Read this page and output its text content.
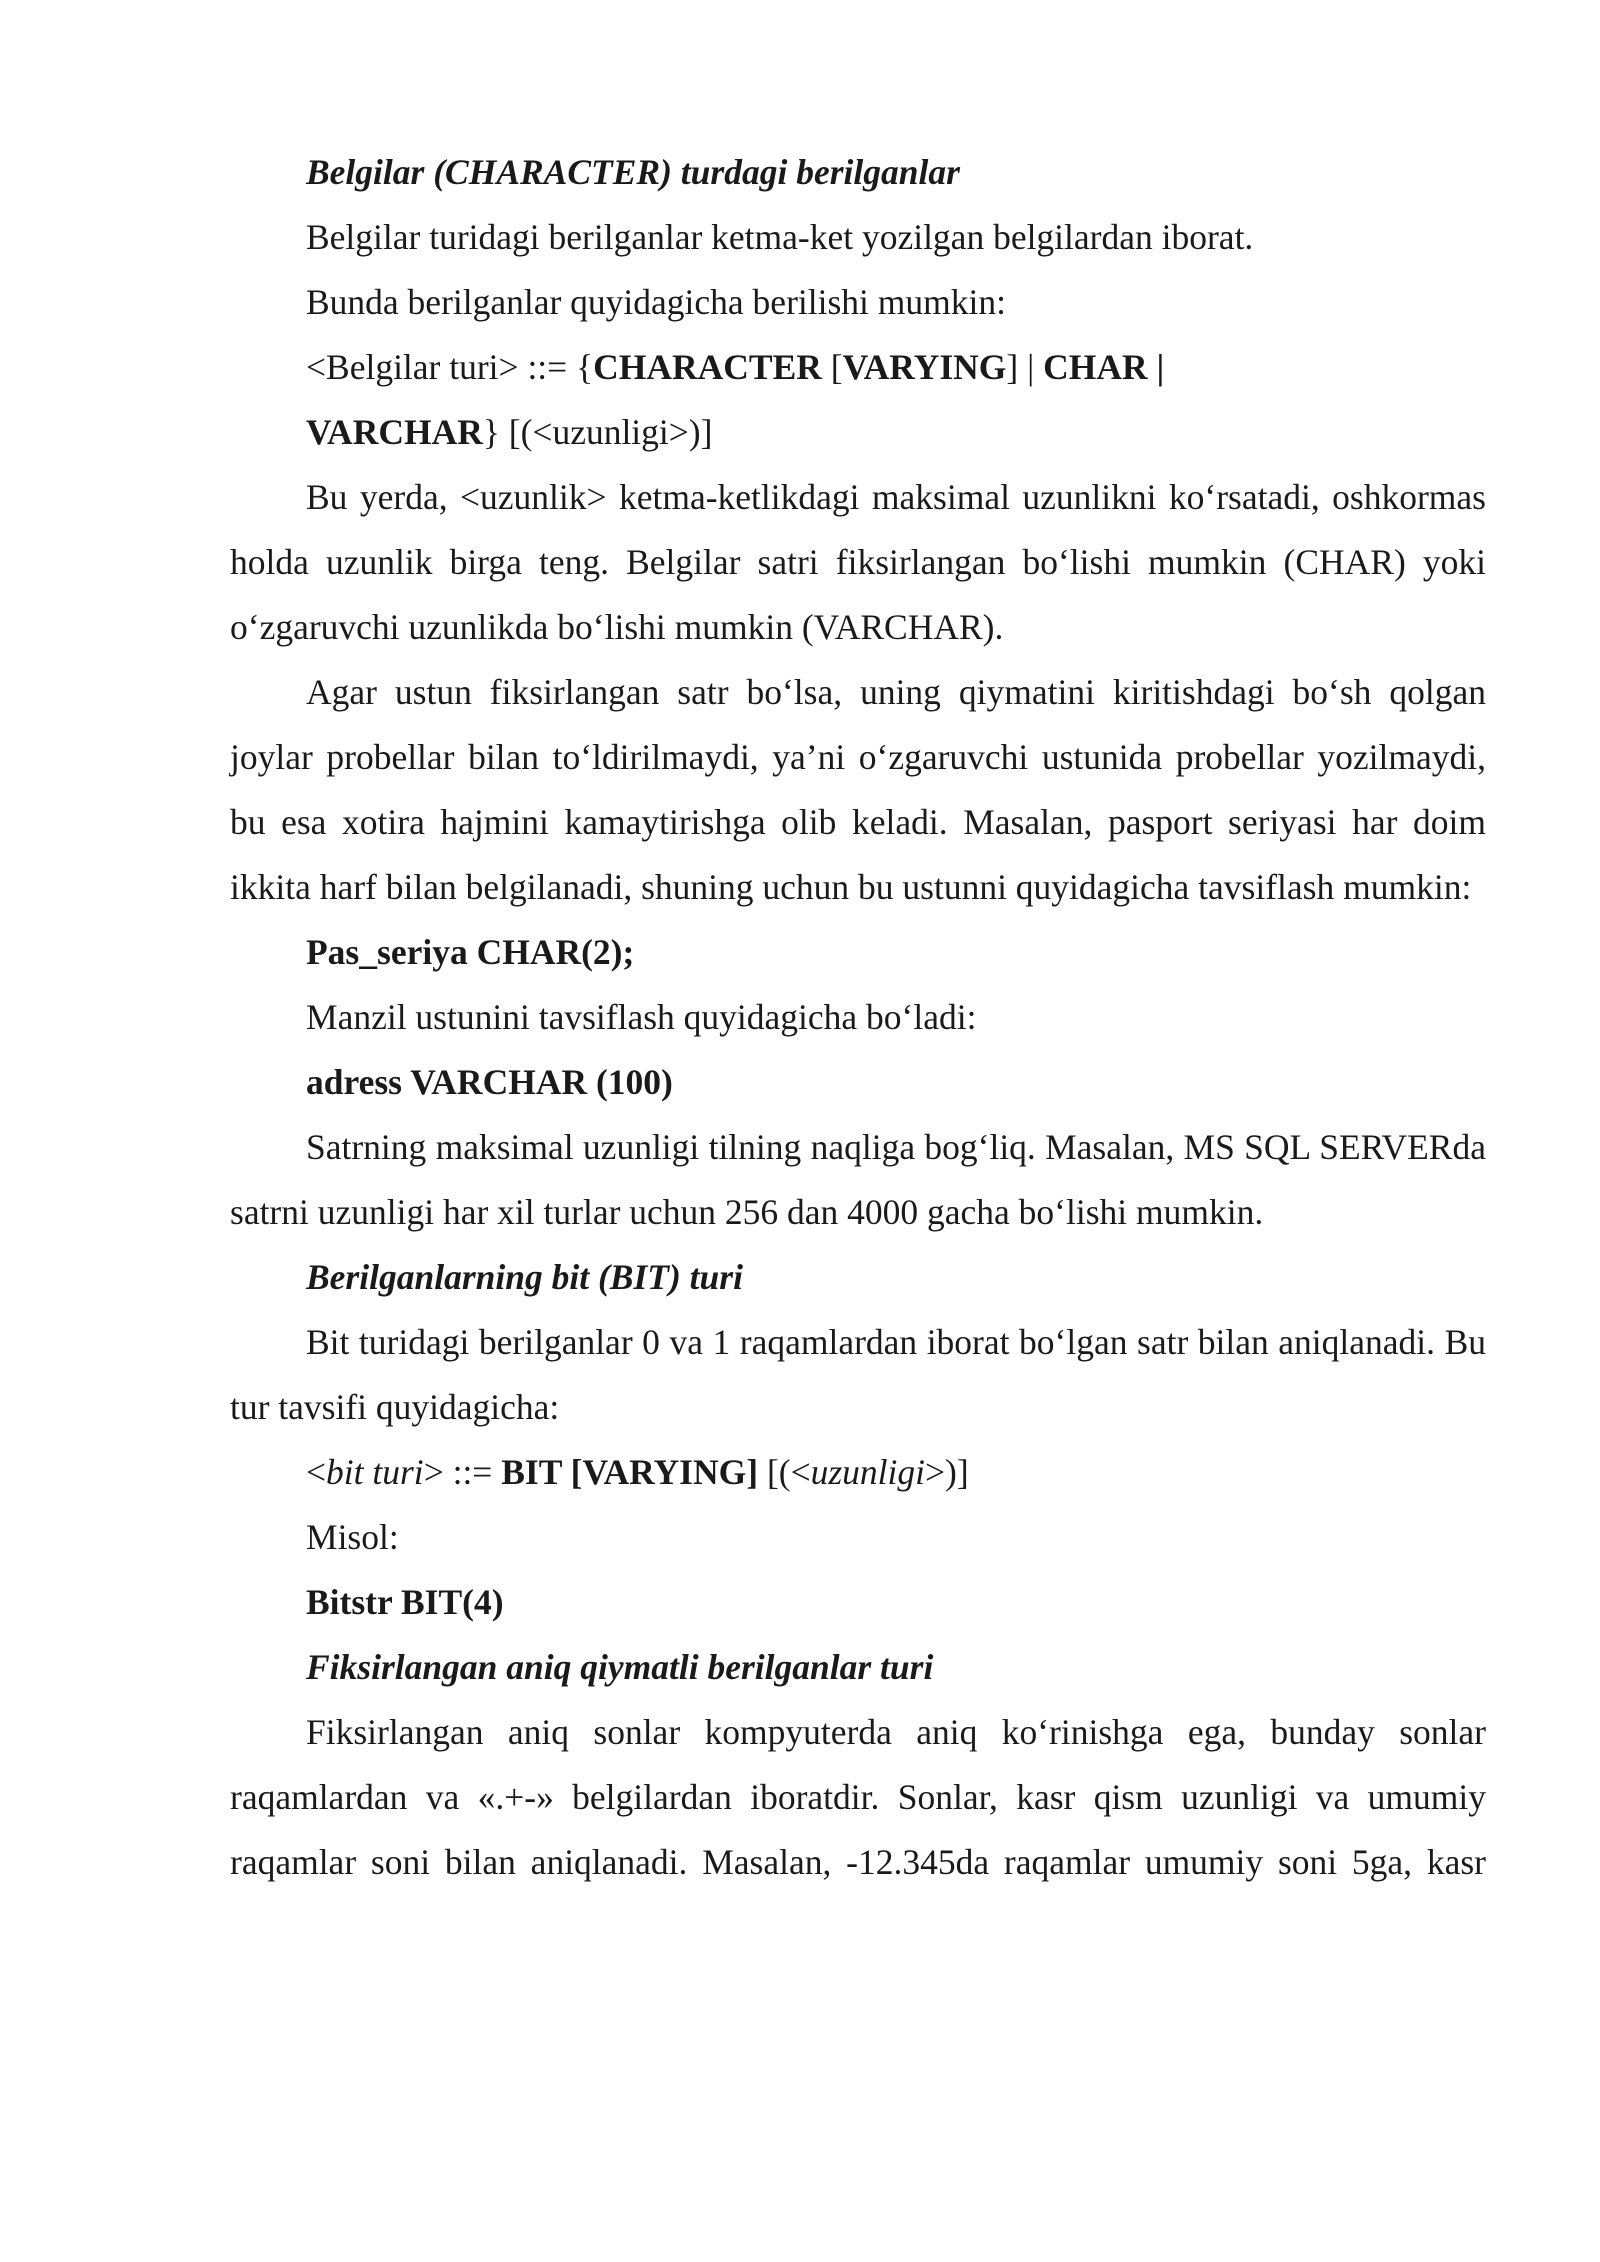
Belgilar (CHARACTER) turdagi berilganlar

Belgilar turidagi berilganlar ketma-ket yozilgan belgilardan iborat.

Bunda berilganlar quyidagicha berilishi mumkin:

<Belgilar turi> ::= {CHARACTER [VARYING] | CHAR |

VARCHAR} [(<uzunligi>)]

Bu yerda, <uzunlik> ketma-ketlikdagi maksimal uzunlikni ko‘rsatadi, oshkormas holda uzunlik birga teng. Belgilar satri fiksirlangan bo‘lishi mumkin (CHAR) yoki o‘zgaruvchi uzunlikda bo‘lishi mumkin (VARCHAR).

Agar ustun fiksirlangan satr bo‘lsa, uning qiymatini kiritishdagi bo‘sh qolgan joylar probellar bilan to‘ldirilmaydi, ya’ni o‘zgaruvchi ustunida probellar yozilmaydi, bu esa xotira hajmini kamaytirishga olib keladi. Masalan, pasport seriyasi har doim ikkita harf bilan belgilanadi, shuning uchun bu ustunni quyidagicha tavsiflash mumkin:

Pas_seriya CHAR(2);

Manzil ustunini tavsiflash quyidagicha bo‘ladi:

adress VARCHAR (100)

Satrning maksimal uzunligi tilning naqliga bog‘liq. Masalan, MS SQL SERVERda satrni uzunligi har xil turlar uchun 256 dan 4000 gacha bo‘lishi mumkin.

Berilganlarning bit (BIT) turi

Bit turidagi berilganlar 0 va 1 raqamlardan iborat bo‘lgan satr bilan aniqlanadi. Bu tur tavsifi quyidagicha:

<bit turi> ::= BIT [VARYING] [(<uzunligi>)]

Misol:

Bitstr BIT(4)

Fiksirlangan aniq qiymatli berilganlar turi

Fiksirlangan aniq sonlar kompyuterda aniq ko‘rinishga ega, bunday sonlar raqamlardan va «.+-» belgilardan iboratdir. Sonlar, kasr qism uzunligi va umumiy raqamlar soni bilan aniqlanadi. Masalan, -12.345da raqamlar umumiy soni 5ga, kasr
